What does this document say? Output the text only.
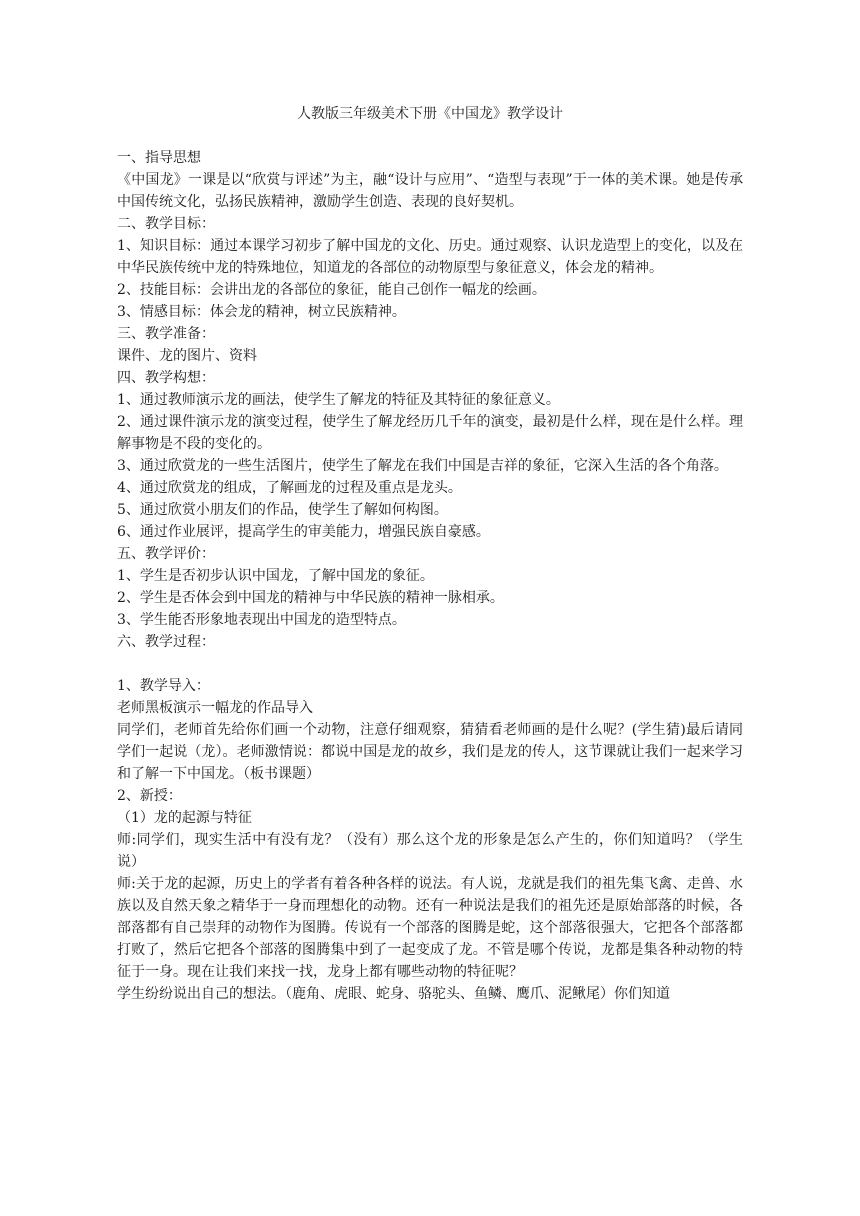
人教版三年级美术下册《中国龙》教学设计

一、指导思想

《中国龙》一课是以“欣赏与评述”为主，融“设计与应用”、“造型与表现”于一体的美术课。她是传承中国传统文化，弘扬民族精神，激励学生创造、表现的良好契机。

二、教学目标：

1、知识目标：通过本课学习初步了解中国龙的文化、历史。通过观察、认识龙造型上的变化，以及在中华民族传统中龙的特殊地位，知道龙的各部位的动物原型与象征意义，体会龙的精神。

2、技能目标：会讲出龙的各部位的象征，能自己创作一幅龙的绘画。

3、情感目标：体会龙的精神，树立民族精神。

三、教学准备：

课件、龙的图片、资料

四、教学构想：

1、通过教师演示龙的画法，使学生了解龙的特征及其特征的象征意义。

2、通过课件演示龙的演变过程，使学生了解龙经历几千年的演变，最初是什么样，现在是什么样。理解事物是不段的变化的。

3、通过欣赏龙的一些生活图片，使学生了解龙在我们中国是吉祥的象征，它深入生活的各个角落。

4、通过欣赏龙的组成，了解画龙的过程及重点是龙头。

5、通过欣赏小朋友们的作品，使学生了解如何构图。

6、通过作业展评，提高学生的审美能力，增强民族自豪感。

五、教学评价：

1、学生是否初步认识中国龙，了解中国龙的象征。

2、学生是否体会到中国龙的精神与中华民族的精神一脉相承。

3、学生能否形象地表现出中国龙的造型特点。

六、教学过程：

1、教学导入：

老师黑板演示一幅龙的作品导入

同学们，老师首先给你们画一个动物，注意仔细观察，猜猜看老师画的是什么呢？(学生猜)最后请同学们一起说（龙）。老师激情说：都说中国是龙的故乡，我们是龙的传人，这节课就让我们一起来学习和了解一下中国龙。（板书课题）

2、新授：

（1）龙的起源与特征

师:同学们，现实生活中有没有龙？（没有）那么这个龙的形象是怎么产生的，你们知道吗？（学生说）

师:关于龙的起源，历史上的学者有着各种各样的说法。有人说，龙就是我们的祖先集飞禽、走兽、水族以及自然天象之精华于一身而理想化的动物。还有一种说法是我们的祖先还是原始部落的时候，各部落都有自己崇拜的动物作为图腾。传说有一个部落的图腾是蛇，这个部落很强大，它把各个部落都打败了，然后它把各个部落的图腾集中到了一起变成了龙。不管是哪个传说，龙都是集各种动物的特征于一身。现在让我们来找一找，龙身上都有哪些动物的特征呢？

学生纷纷说出自己的想法。（鹿角、虎眼、蛇身、骆驼头、鱼鳞、鹰爪、泥鳅尾）你们知道
